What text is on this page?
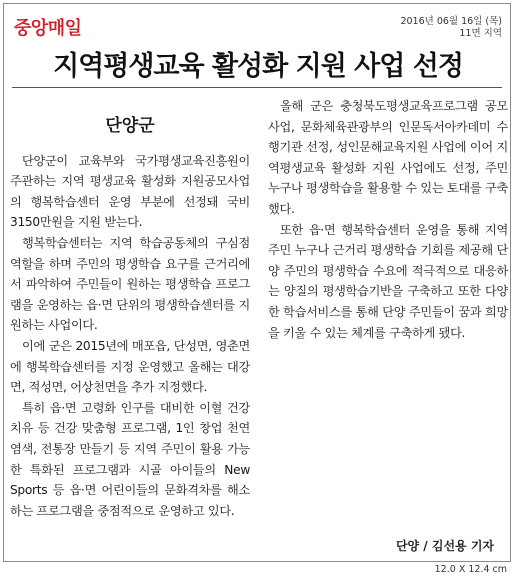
중앙매일	2016년 06월 16일 (목)
11면 지역
지역평생교육 활성화 지원 사업 선정
단양군

단양군이 교육부와 국가평생교육진흥원이 주관하는 지역 평생교육 활성화 지원공모사업의 행복학습센터 운영 부분에 선정돼 국비 3150만원을 지원 받는다.

행복학습센터는 지역 학습공동체의 구심점 역할을 하며 주민의 평생학습 요구를 근거리에서 파악하여 주민들이 원하는 평생학습 프로그램을 운영하는 읍·면 단위의 평생학습센터를 지원하는 사업이다.

이에 군은 2015년에 매포읍, 단성면, 영춘면에 행복학습센터를 지정 운영했고 올해는 대강면, 적성면, 어상천면을 추가 지정했다.

특히 읍·면 고령화 인구를 대비한 이혈 건강 치유 등 건강 맞춤형 프로그램, 1인 창업 천연염색, 전통장 만들기 등 지역 주민이 활용 가능한 특화된 프로그램과 시골 아이들의 New Sports 등 읍·면 어린이들의 문화격차를 해소하는 프로그램을 중점적으로 운영하고 있다.

올해 군은 충청북도평생교육프로그램 공모사업, 문화체육관광부의 인문독서아카데미 수행기관 선정, 성인문해교육지원 사업에 이어 지역평생교육 활성화 지원 사업에도 선정, 주민 누구나 평생학습을 활용할 수 있는 토대를 구축했다.

또한 읍·면 행복학습센터 운영을 통해 지역 주민 누구나 근거리 평생학습 기회를 제공해 단양 주민의 평생학습 수요에 적극적으로 대응하는 양질의 평생학습기반을 구축하고 또한 다양한 학습서비스를 통해 단양 주민들이 꿈과 희망을 키울 수 있는 체계를 구축하게 됐다.

단양 / 김선용 기자
12.0 X 12.4 cm
